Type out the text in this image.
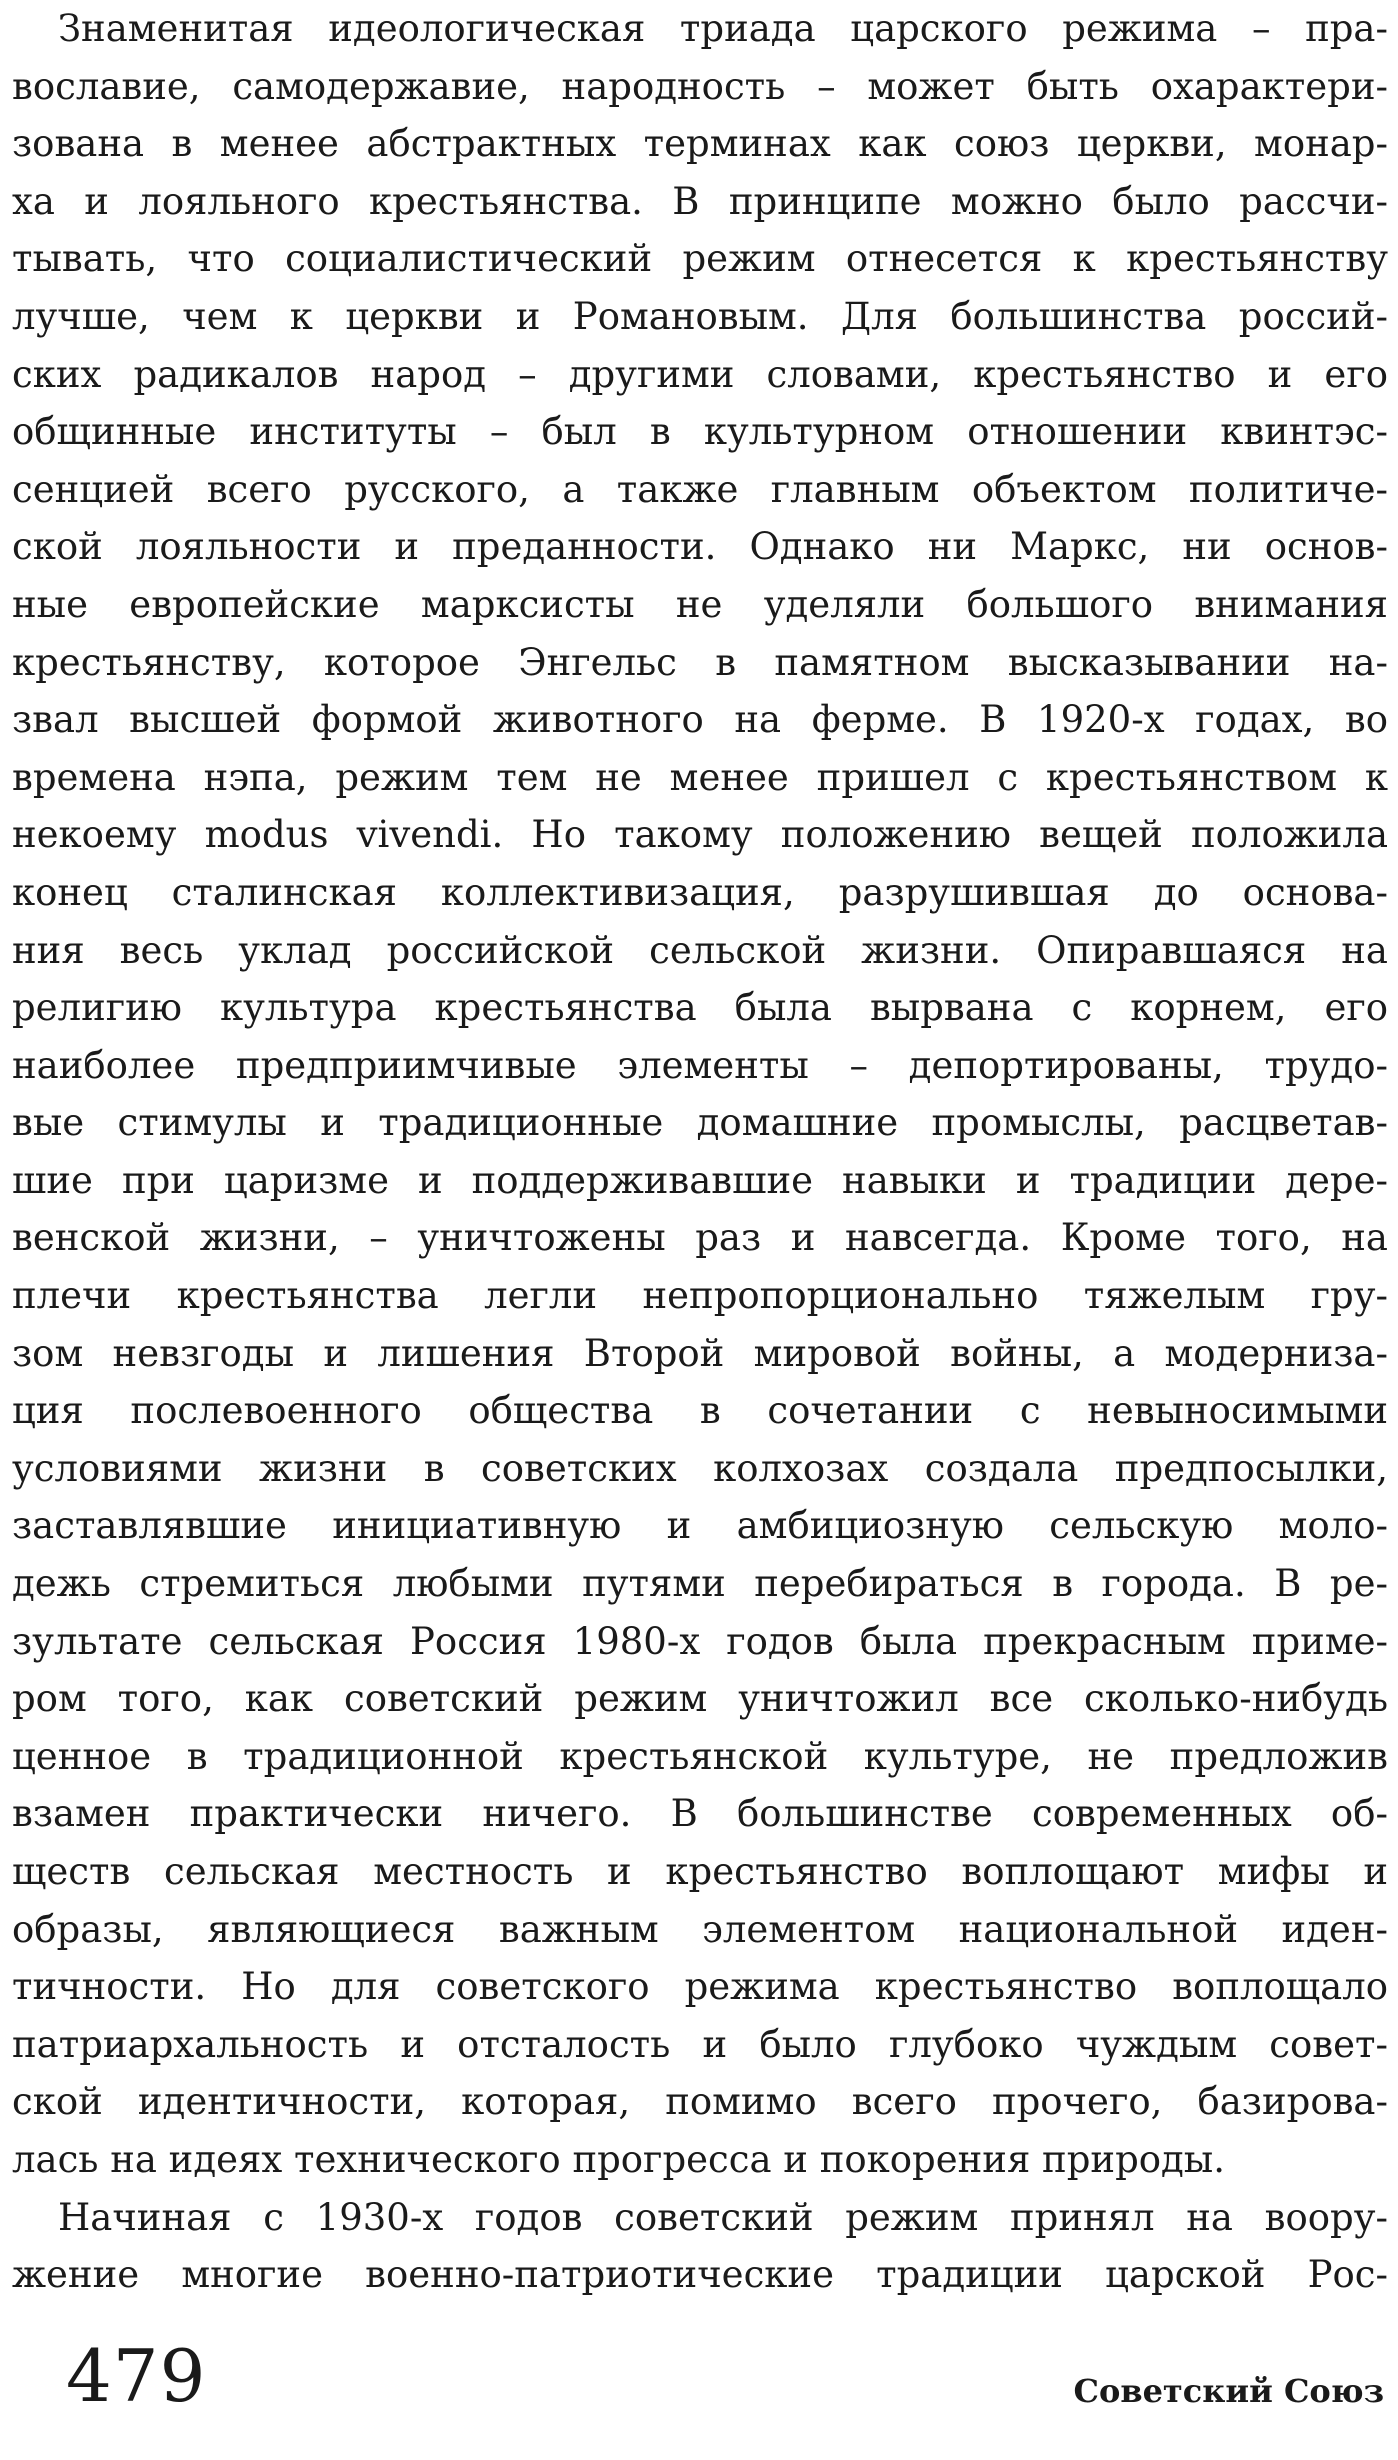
Знаменитая идеологическая триада царского режима – пра-
вославие, самодержавие, народность – может быть охарактери-
зована в менее абстрактных терминах как союз церкви, монар-
ха и лояльного крестьянства. В принципе можно было рассчи-
тывать, что социалистический режим отнесется к крестьянству
лучше, чем к церкви и Романовым. Для большинства россий-
ских радикалов народ – другими словами, крестьянство и его
общинные институты – был в культурном отношении квинтэс-
сенцией всего русского, а также главным объектом политиче-
ской лояльности и преданности. Однако ни Маркс, ни основ-
ные европейские марксисты не уделяли большого внимания
крестьянству, которое Энгельс в памятном высказывании на-
звал высшей формой животного на ферме. В 1920-х годах, во
времена нэпа, режим тем не менее пришел с крестьянством к
некоему modus vivendi. Но такому положению вещей положила
конец сталинская коллективизация, разрушившая до основа-
ния весь уклад российской сельской жизни. Опиравшаяся на
религию культура крестьянства была вырвана с корнем, его
наиболее предприимчивые элементы – депортированы, трудо-
вые стимулы и традиционные домашние промыслы, расцветав-
шие при царизме и поддерживавшие навыки и традиции дере-
венской жизни, – уничтожены раз и навсегда. Кроме того, на
плечи крестьянства легли непропорционально тяжелым гру-
зом невзгоды и лишения Второй мировой войны, а модерниза-
ция послевоенного общества в сочетании с невыносимыми
условиями жизни в советских колхозах создала предпосылки,
заставлявшие инициативную и амбициозную сельскую моло-
дежь стремиться любыми путями перебираться в города. В ре-
зультате сельская Россия 1980-х годов была прекрасным приме-
ром того, как советский режим уничтожил все сколько-нибудь
ценное в традиционной крестьянской культуре, не предложив
взамен практически ничего. В большинстве современных об-
ществ сельская местность и крестьянство воплощают мифы и
образы, являющиеся важным элементом национальной иден-
тичности. Но для советского режима крестьянство воплощало
патриархальность и отсталость и было глубоко чуждым совет-
ской идентичности, которая, помимо всего прочего, базирова-
лась на идеях технического прогресса и покорения природы.
Начиная с 1930-х годов советский режим принял на воору-
жение многие военно-патриотические традиции царской Рос-
479	Советский Союз
